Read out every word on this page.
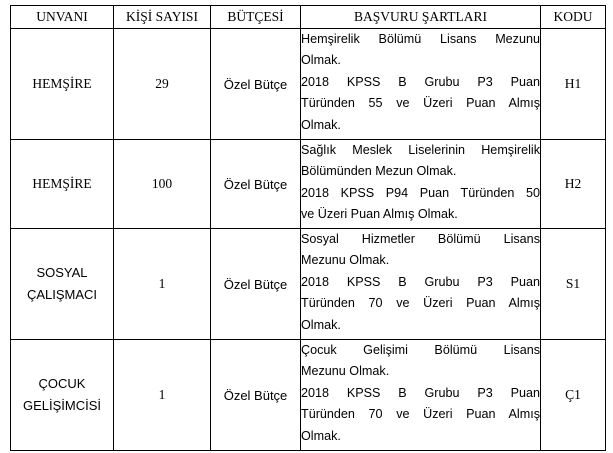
UNVANI	KİŞİ SAYISI	BÜTÇESİ	BAŞVURU ŞARTLARI	KODU

HEMŞİRE	29	Özel Bütçe	Hemşirelik Bölümü Lisans Mezunu
Olmak.
2018 KPSS B Grubu P3 Puan
Türünden 55 ve Üzeri Puan Almış
Olmak.	H1

HEMŞİRE	100	Özel Bütçe	Sağlık Meslek Liselerinin Hemşirelik
Bölümünden Mezun Olmak.
2018 KPSS P94 Puan Türünden 50
ve Üzeri Puan Almış Olmak.	H2

SOSYAL
ÇALIŞMACI	1	Özel Bütçe	Sosyal Hizmetler Bölümü Lisans
Mezunu Olmak.
2018 KPSS B Grubu P3 Puan
Türünden 70 ve Üzeri Puan Almış
Olmak.	S1

ÇOCUK
GELİŞİMCİSİ	1	Özel Bütçe	Çocuk Gelişimi Bölümü Lisans
Mezunu Olmak.
2018 KPSS B Grubu P3 Puan
Türünden 70 ve Üzeri Puan Almış
Olmak.	Ç1
